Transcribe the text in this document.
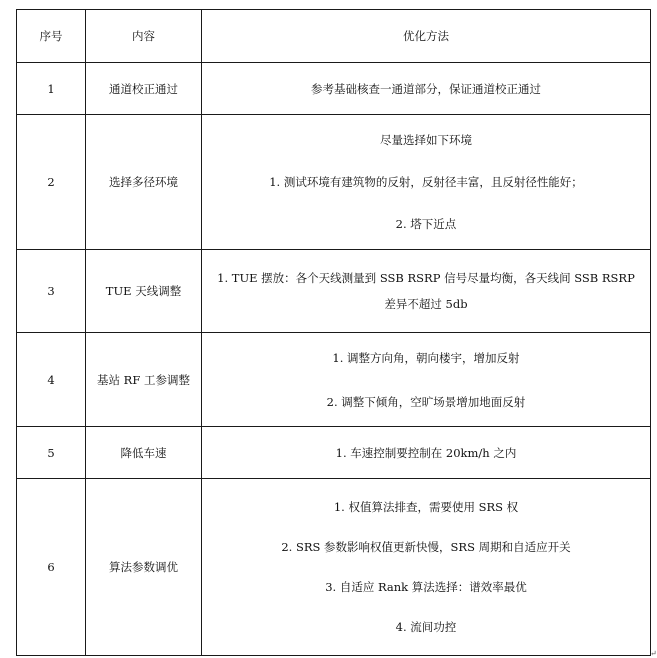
序号	内容	优化方法
1	通道校正通过	参考基础核查一通道部分，保证通道校正通过

2	选择多径环境	尽量选择如下环境
1. 测试环境有建筑物的反射，反射径丰富，且反射径性能好；
2. 塔下近点

3	TUE 天线调整	1. TUE 摆放：各个天线测量到 SSB RSRP 信号尽量均衡，各天线间 SSB RSRP 差异不超过 5db

4	基站 RF 工参调整	1. 调整方向角，朝向楼宇，增加反射
2. 调整下倾角，空旷场景增加地面反射

5	降低车速	1. 车速控制要控制在 20km/h 之内

6	算法参数调优	1. 权值算法排查，需要使用 SRS 权
2. SRS 参数影响权值更新快慢，SRS 周期和自适应开关
3. 自适应 Rank 算法选择：谱效率最优
4. 流间功控
↵
